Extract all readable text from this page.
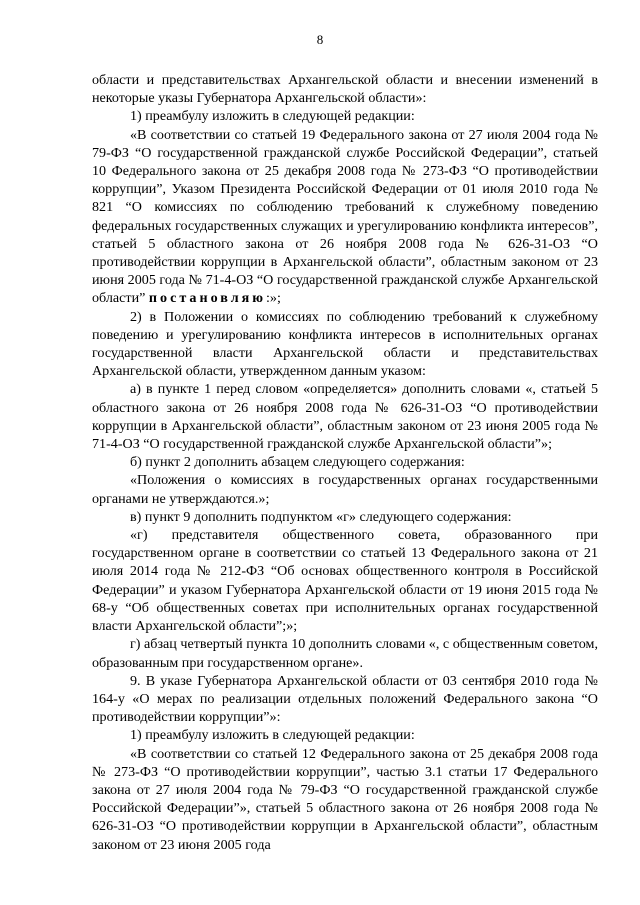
8

области и представительствах Архангельской области и внесении изменений в некоторые указы Губернатора Архангельской области»:

1) преамбулу изложить в следующей редакции:

«В соответствии со статьей 19 Федерального закона от 27 июля 2004 года № 79-ФЗ “О государственной гражданской службе Российской Федерации”, статьей 10 Федерального закона от 25 декабря 2008 года № 273-ФЗ “О противодействии коррупции”, Указом Президента Российской Федерации от 01 июля 2010 года № 821 “О комиссиях по соблюдению требований к служебному поведению федеральных государственных служащих и урегулированию конфликта интересов”, статьей 5 областного закона от 26 ноября 2008 года № 626-31-ОЗ “О противодействии коррупции в Архангельской области”, областным законом от 23 июня 2005 года № 71-4-ОЗ “О государственной гражданской службе Архангельской области” постановляю:»;

2) в Положении о комиссиях по соблюдению требований к служебному поведению и урегулированию конфликта интересов в исполнительных органах государственной власти Архангельской области и представительствах Архангельской области, утвержденном данным указом:

а) в пункте 1 перед словом «определяется» дополнить словами «, статьей 5 областного закона от 26 ноября 2008 года № 626-31-ОЗ “О противодействии коррупции в Архангельской области”, областным законом от 23 июня 2005 года № 71-4-ОЗ “О государственной гражданской службе Архангельской области”»;

б) пункт 2 дополнить абзацем следующего содержания:

«Положения о комиссиях в государственных органах государственными органами не утверждаются.»;

в) пункт 9 дополнить подпунктом «г» следующего содержания:

«г) представителя общественного совета, образованного при государственном органе в соответствии со статьей 13 Федерального закона от 21 июля 2014 года № 212-ФЗ “Об основах общественного контроля в Российской Федерации” и указом Губернатора Архангельской области от 19 июня 2015 года № 68-у “Об общественных советах при исполнительных органах государственной власти Архангельской области”;»;

г) абзац четвертый пункта 10 дополнить словами «, с общественным советом, образованным при государственном органе».

9. В указе Губернатора Архангельской области от 03 сентября 2010 года № 164-у «О мерах по реализации отдельных положений Федерального закона “О противодействии коррупции”»:

1) преамбулу изложить в следующей редакции:

«В соответствии со статьей 12 Федерального закона от 25 декабря 2008 года № 273-ФЗ “О противодействии коррупции”, частью 3.1 статьи 17 Федерального закона от 27 июля 2004 года № 79-ФЗ “О государственной гражданской службе Российской Федерации”», статьей 5 областного закона от 26 ноября 2008 года № 626-31-ОЗ “О противодействии коррупции в Архангельской области”, областным законом от 23 июня 2005 года
